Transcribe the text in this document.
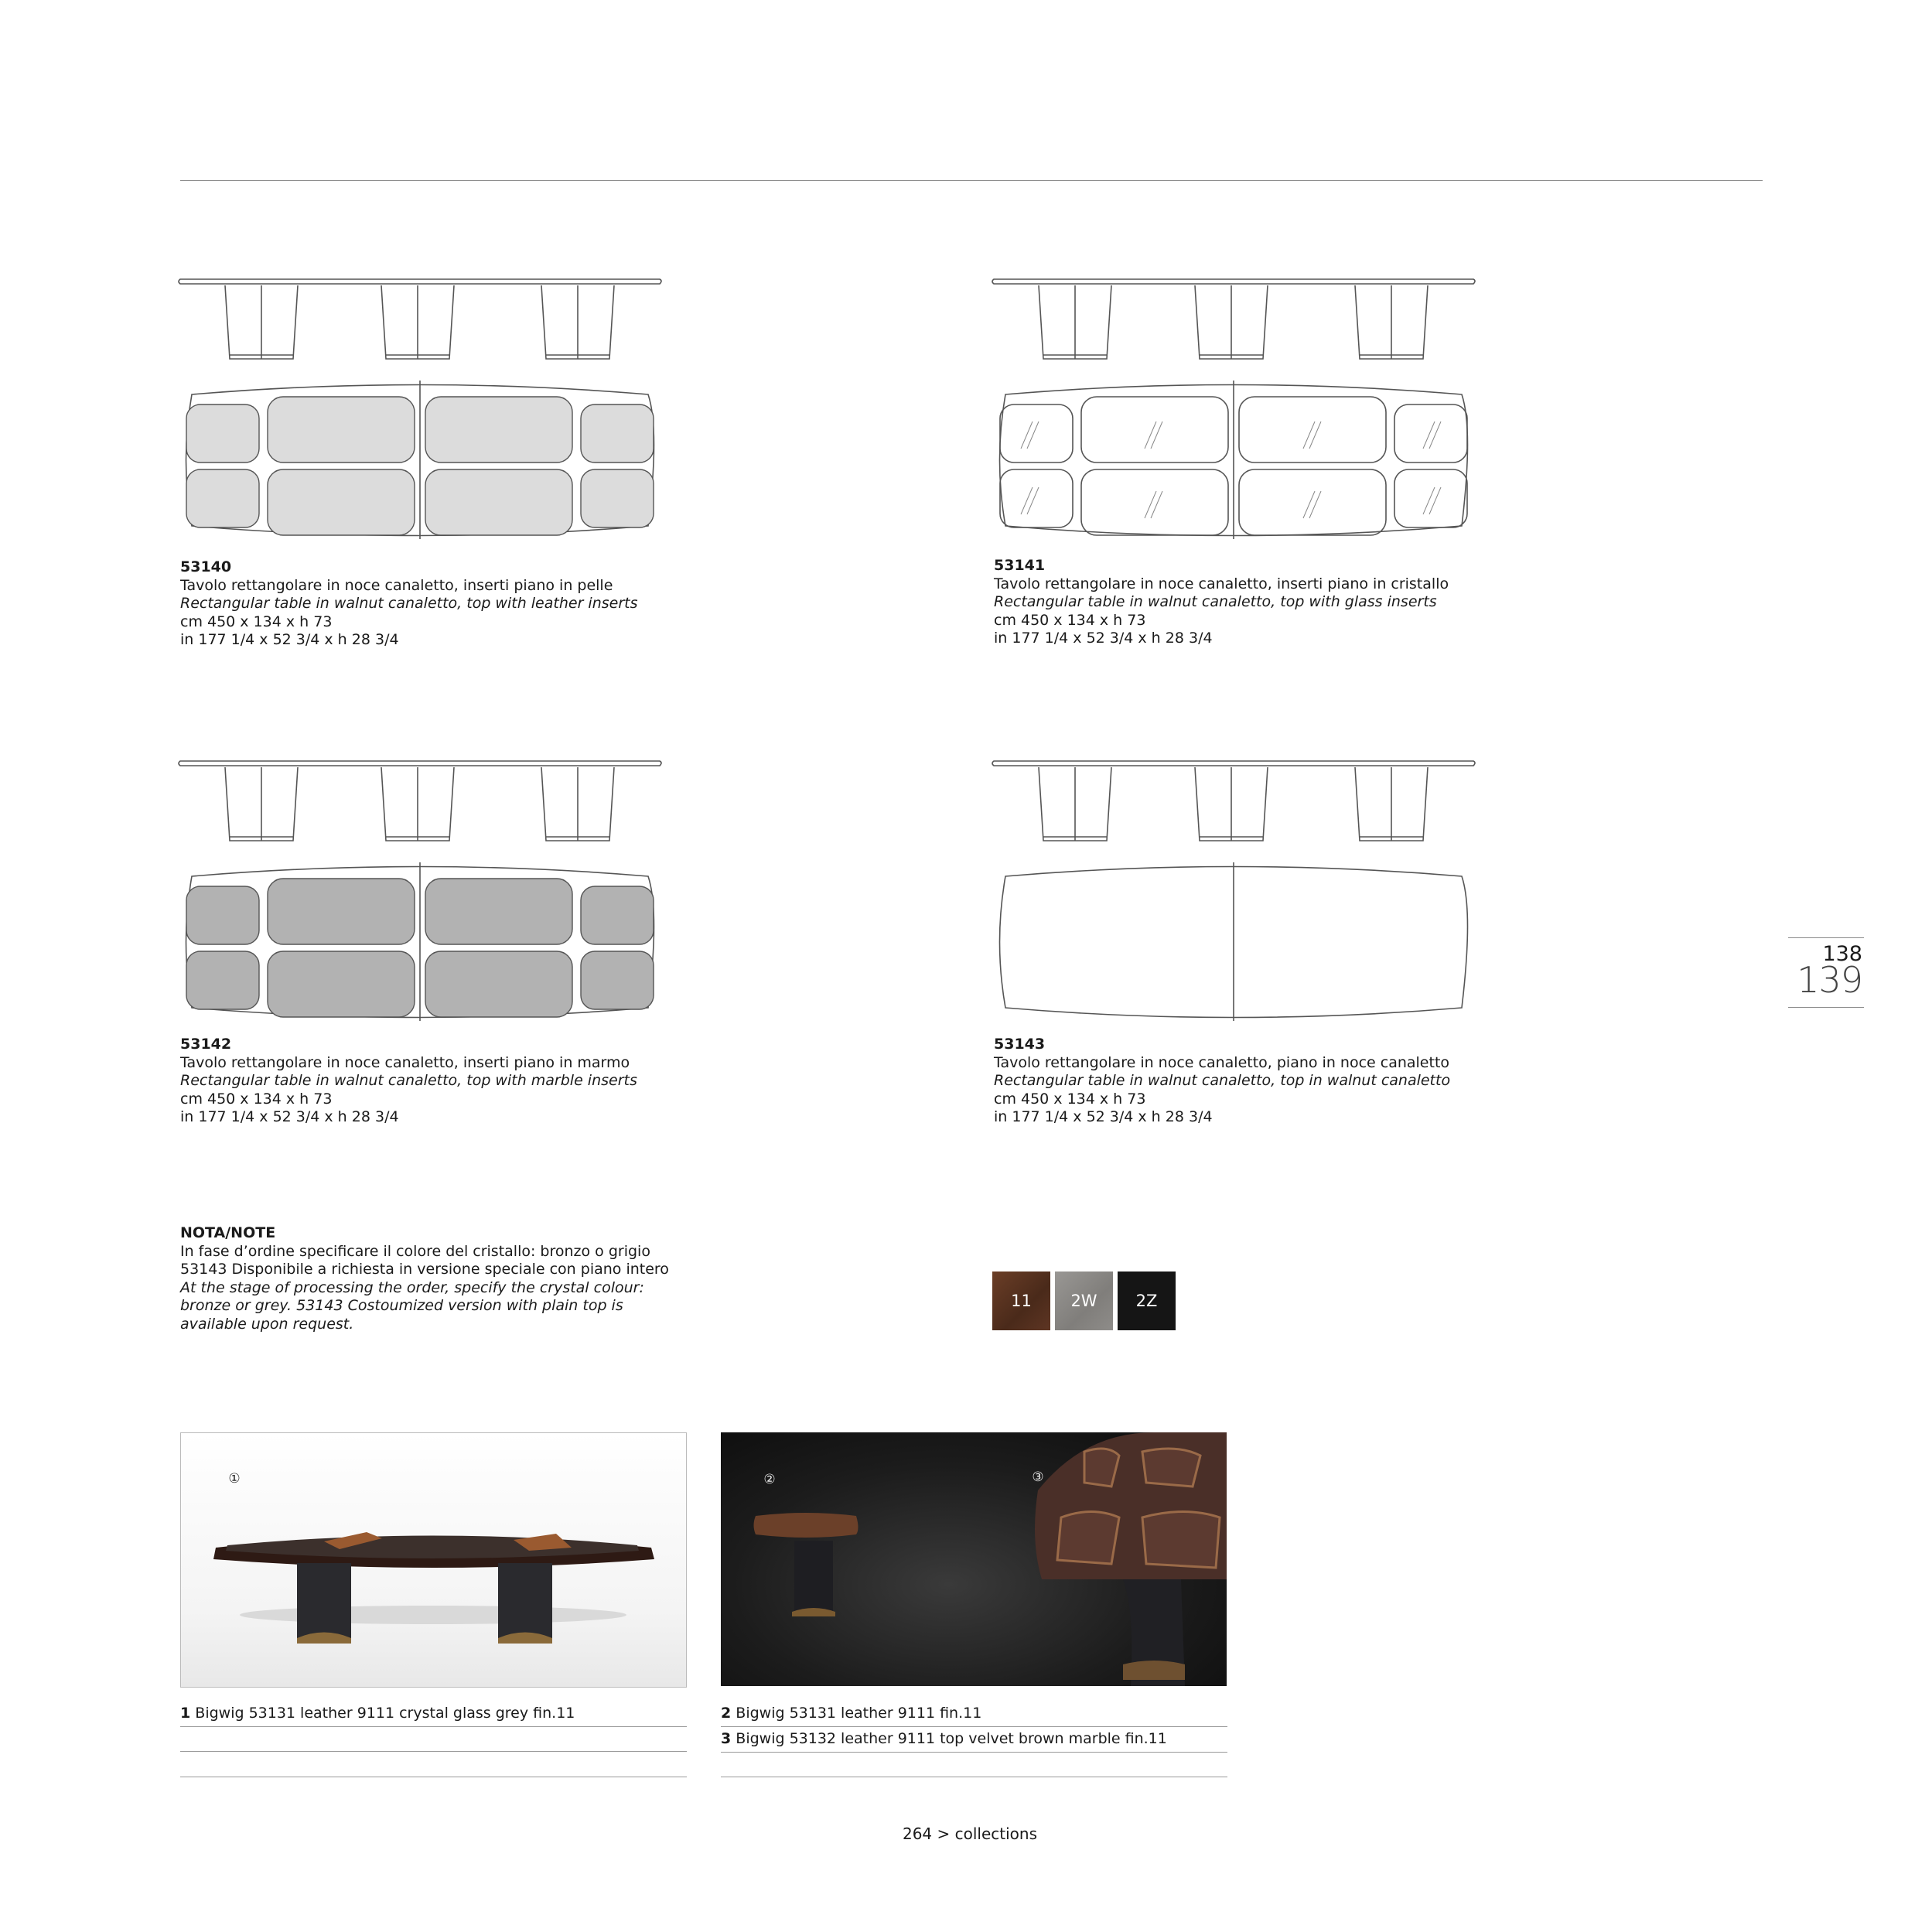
53140
Tavolo rettangolare in noce canaletto, inserti piano in pelle
Rectangular table in walnut canaletto, top with leather inserts
cm 450 x 134 x h 73
in 177 1/4 x 52 3/4 x h 28 3/4
53141
Tavolo rettangolare in noce canaletto, inserti piano in cristallo
Rectangular table in walnut canaletto, top with glass inserts
cm 450 x 134 x h 73
in 177 1/4 x 52 3/4 x h 28 3/4
53142
Tavolo rettangolare in noce canaletto, inserti piano in marmo
Rectangular table in walnut canaletto, top with marble inserts
cm 450 x 134 x h 73
in 177 1/4 x 52 3/4 x h 28 3/4
53143
Tavolo rettangolare in noce canaletto, piano in noce canaletto
Rectangular table in walnut canaletto, top in walnut canaletto
cm 450 x 134 x h 73
in 177 1/4 x 52 3/4 x h 28 3/4
NOTA/NOTE
In fase d’ordine specificare il colore del cristallo: bronzo o grigio
53143 Disponibile a richiesta in versione speciale con piano intero
At the stage of processing the order, specify the crystal colour:
bronze or grey. 53143 Costoumized version with plain top is
available upon request.
11 2W 2Z
①	②	③
1 Bigwig 53131 leather 9111 crystal glass grey fin.11	2 Bigwig 53131 leather 9111 fin.11
3 Bigwig 53132 leather 9111 top velvet brown marble fin.11
138
139
264 > collections
